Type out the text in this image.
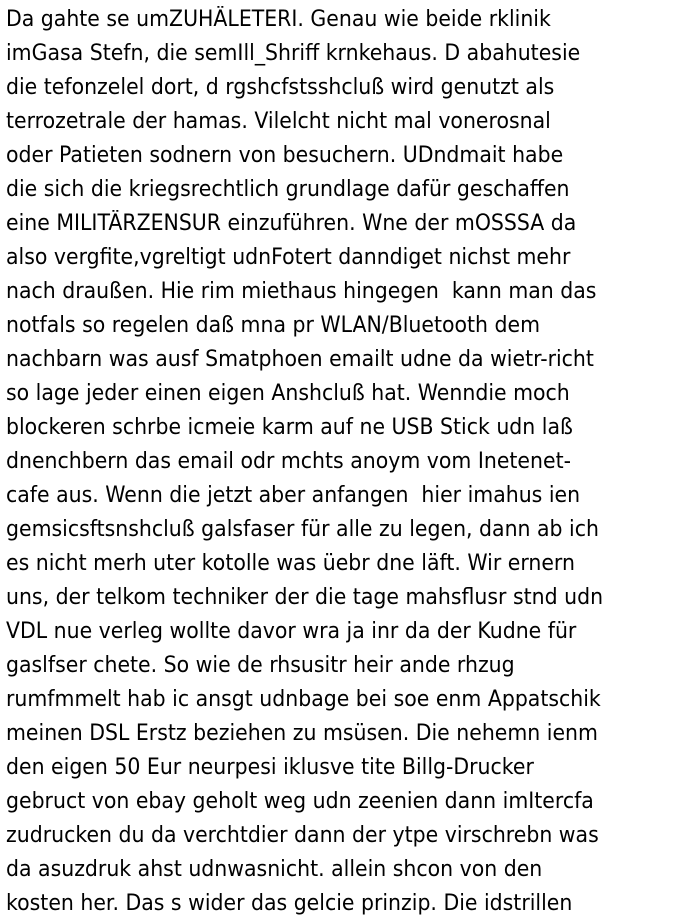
Da gahte se umZUHÄLETERI. Genau wie beide rklinik
imGasa Stefn, die semIll_Shriff krnkehaus. D abahutesie
die tefonzelel dort, d rgshcfstsshcluß wird genutzt als
terrozetrale der hamas. Vilelcht nicht mal vonerosnal
oder Patieten sodnern von besuchern. UDndmait habe
die sich die kriegsrechtlich grundlage dafür geschaffen
eine MILITÄRZENSUR einzuführen. Wne der mOSSSA da
also vergfite,vgreltigt udnFotert danndiget nichst mehr
nach draußen. Hie rim miethaus hingegen  kann man das
notfals so regelen daß mna pr WLAN/Bluetooth dem
nachbarn was ausf Smatphoen emailt udne da wietr-richt
so lage jeder einen eigen Anshcluß hat. Wenndie moch
blockeren schrbe icmeie karm auf ne USB Stick udn laß
dnenchbern das email odr mchts anoym vom Inetenet-
cafe aus. Wenn die jetzt aber anfangen  hier imahus ien
gemsicsftsnshcluß galsfaser für alle zu legen, dann ab ich
es nicht merh uter kotolle was üebr dne läft. Wir ernern
uns, der telkom techniker der die tage mahsflusr stnd udn
VDL nue verleg wollte davor wra ja inr da der Kudne für
gaslfser chete. So wie de rhsusitr heir ande rhzug
rumfmmelt hab ic ansgt udnbage bei soe enm Appatschik
meinen DSL Erstz beziehen zu msüsen. Die nehemn ienm
den eigen 50 Eur neurpesi iklusve tite Billg-Drucker
gebruct von ebay geholt weg udn zeenien dann imItercfa
zudrucken du da verchtdier dann der ytpe virschrebn was
da asuzdruk ahst udnwasnicht. allein shcon von den
kosten her. Das s wider das gelcie prinzip. Die idstrillen
